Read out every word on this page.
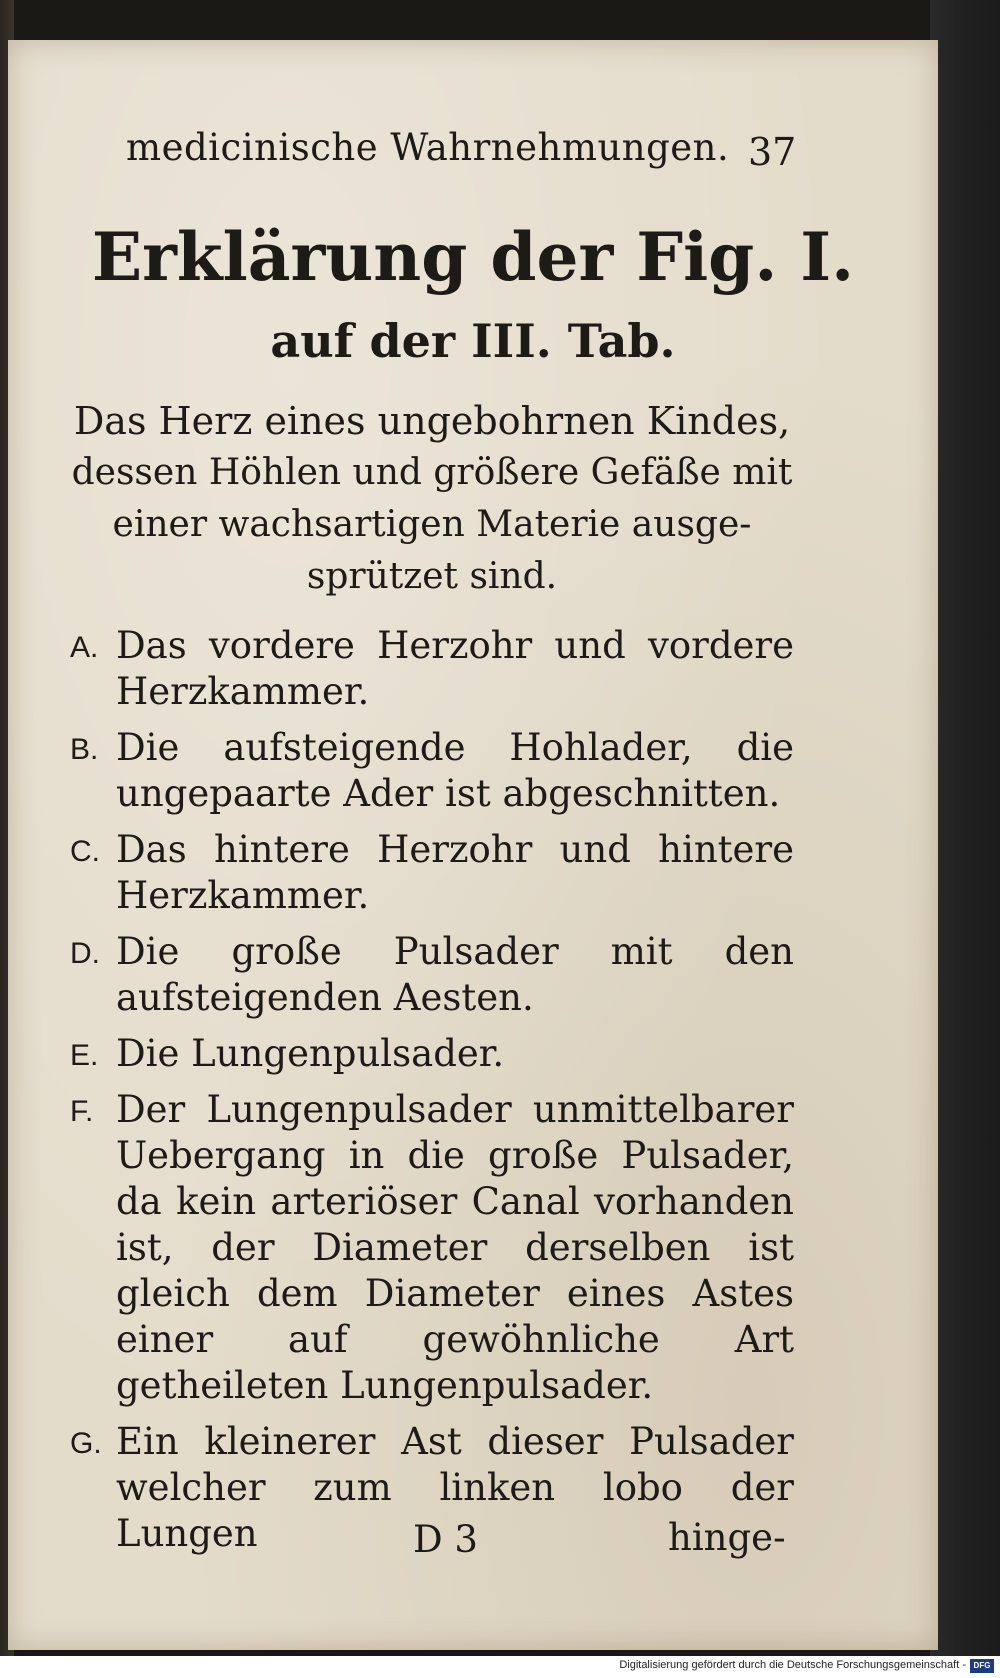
medicinische Wahrnehmungen. 37
Erklärung der Fig. I.
auf der III. Tab.
Das Herz eines ungebohrnen Kindes,
dessen Höhlen und größere Gefäße mit
einer wachsartigen Materie ausge-
sprützet sind.
A. Das vordere Herzohr und vordere Herzkammer.
B. Die aufsteigende Hohlader, die ungepaarte Ader ist abgeschnitten.
C. Das hintere Herzohr und hintere Herzkammer.
D. Die große Pulsader mit den aufsteigenden Aesten.
E. Die Lungenpulsader.
F. Der Lungenpulsader unmittelbarer Uebergang in die große Pulsader, da kein arteriöser Canal vorhanden ist, der Diameter derselben ist gleich dem Diameter eines Astes einer auf gewöhnliche Art getheileten Lungenpulsader.
G. Ein kleinerer Ast dieser Pulsader welcher zum linken lobo der Lungen	D 3	hinge-
Digitalisierung gefördert durch die Deutsche Forschungsgemeinschaft - DFG
